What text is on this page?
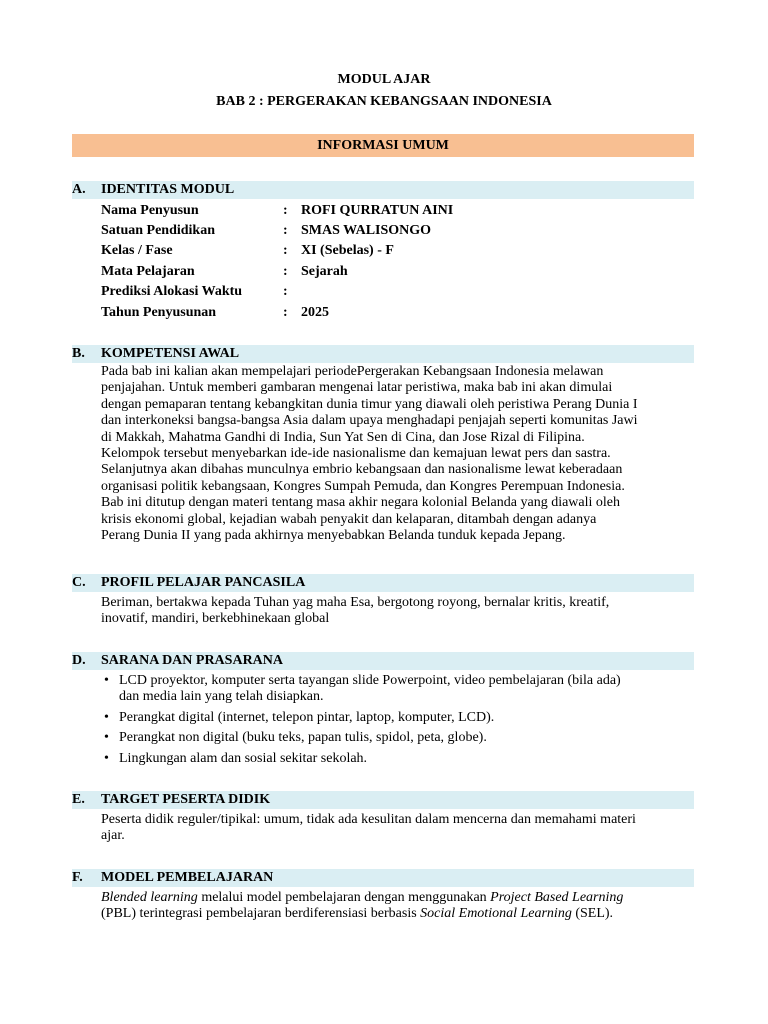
MODUL AJAR
BAB 2 : PERGERAKAN KEBANGSAAN INDONESIA
INFORMASI UMUM
A. IDENTITAS MODUL
Nama Penyusun	: ROFI QURRATUN AINI
Satuan Pendidikan	: SMAS WALISONGO
Kelas / Fase	: XI (Sebelas) - F
Mata Pelajaran	: Sejarah
Prediksi Alokasi Waktu	:
Tahun Penyusunan	: 2025
B. KOMPETENSI AWAL
Pada bab ini kalian akan mempelajari periodePergerakan Kebangsaan Indonesia melawan
penjajahan. Untuk memberi gambaran mengenai latar peristiwa, maka bab ini akan dimulai
dengan pemaparan tentang kebangkitan dunia timur yang diawali oleh peristiwa Perang Dunia I
dan interkoneksi bangsa-bangsa Asia dalam upaya menghadapi penjajah seperti komunitas Jawi
di Makkah, Mahatma Gandhi di India, Sun Yat Sen di Cina, dan Jose Rizal di Filipina.
Kelompok tersebut menyebarkan ide-ide nasionalisme dan kemajuan lewat pers dan sastra.
Selanjutnya akan dibahas munculnya embrio kebangsaan dan nasionalisme lewat keberadaan
organisasi politik kebangsaan, Kongres Sumpah Pemuda, dan Kongres Perempuan Indonesia.
Bab ini ditutup dengan materi tentang masa akhir negara kolonial Belanda yang diawali oleh
krisis ekonomi global, kejadian wabah penyakit dan kelaparan, ditambah dengan adanya
Perang Dunia II yang pada akhirnya menyebabkan Belanda tunduk kepada Jepang.
C. PROFIL PELAJAR PANCASILA
Beriman, bertakwa kepada Tuhan yag maha Esa, bergotong royong, bernalar kritis, kreatif,
inovatif, mandiri, berkebhinekaan global
D. SARANA DAN PRASARANA
• LCD proyektor, komputer serta tayangan slide Powerpoint, video pembelajaran (bila ada)
dan media lain yang telah disiapkan.
• Perangkat digital (internet, telepon pintar, laptop, komputer, LCD).
• Perangkat non digital (buku teks, papan tulis, spidol, peta, globe).
• Lingkungan alam dan sosial sekitar sekolah.
E. TARGET PESERTA DIDIK
Peserta didik reguler/tipikal: umum, tidak ada kesulitan dalam mencerna dan memahami materi
ajar.
F. MODEL PEMBELAJARAN
Blended learning melalui model pembelajaran dengan menggunakan Project Based Learning
(PBL) terintegrasi pembelajaran berdiferensiasi berbasis Social Emotional Learning (SEL).
